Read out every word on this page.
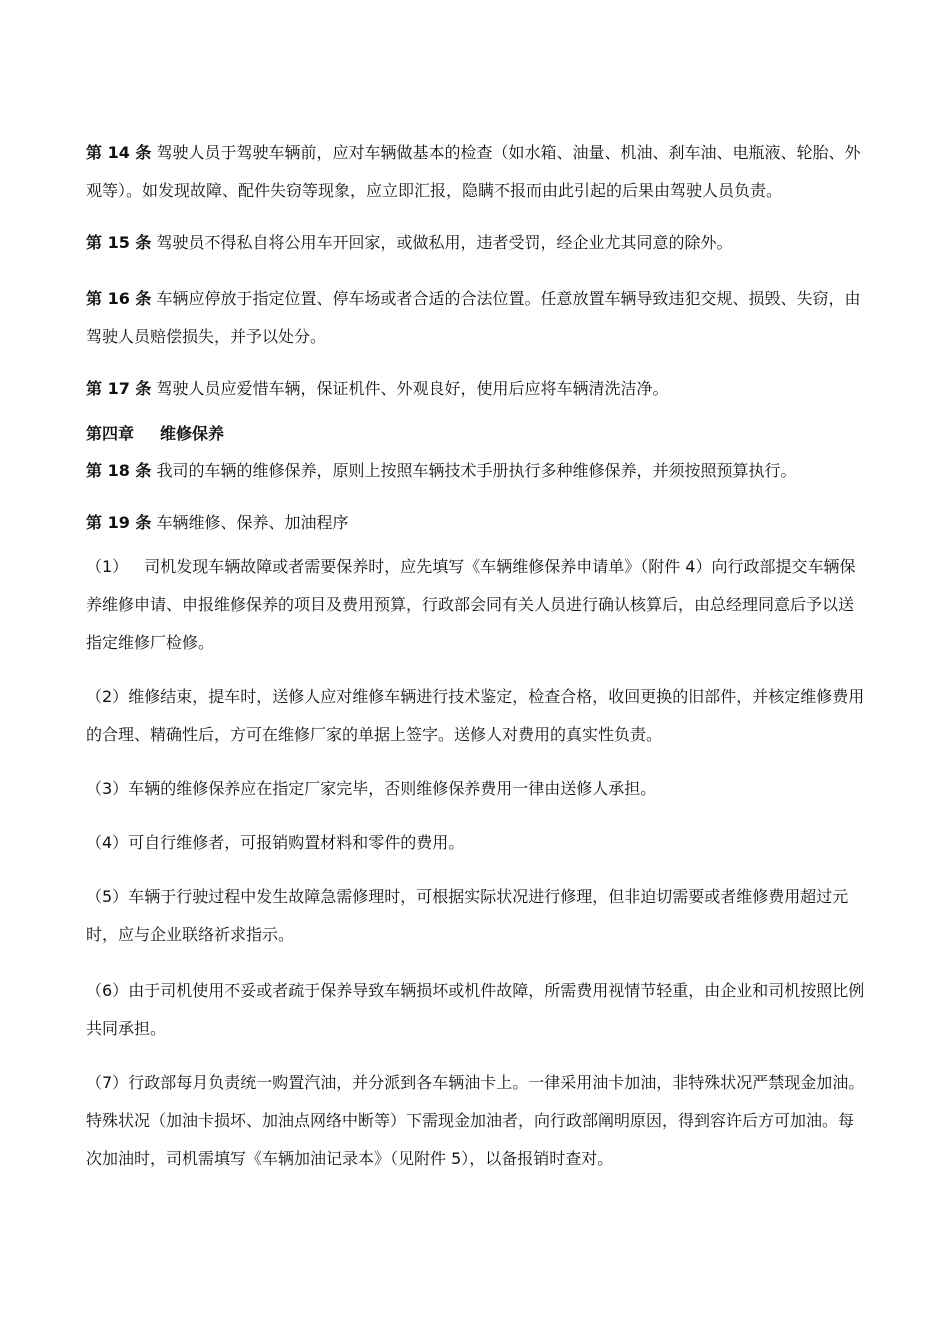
第 14 条 驾驶人员于驾驶车辆前，应对车辆做基本的检查（如水箱、油量、机油、刹车油、电瓶液、轮胎、外观等）。如发现故障、配件失窃等现象，应立即汇报，隐瞒不报而由此引起的后果由驾驶人员负责。

第 15 条 驾驶员不得私自将公用车开回家，或做私用，违者受罚，经企业尤其同意的除外。

第 16 条 车辆应停放于指定位置、停车场或者合适的合法位置。任意放置车辆导致违犯交规、损毁、失窃，由驾驶人员赔偿损失，并予以处分。

第 17 条 驾驶人员应爱惜车辆，保证机件、外观良好，使用后应将车辆清洗洁净。

第四章 维修保养

第 18 条 我司的车辆的维修保养，原则上按照车辆技术手册执行多种维修保养，并须按照预算执行。

第 19 条 车辆维修、保养、加油程序

（1） 司机发现车辆故障或者需要保养时，应先填写《车辆维修保养申请单》（附件 4）向行政部提交车辆保养维修申请、申报维修保养的项目及费用预算，行政部会同有关人员进行确认核算后，由总经理同意后予以送指定维修厂检修。

（2）维修结束，提车时，送修人应对维修车辆进行技术鉴定，检查合格，收回更换的旧部件，并核定维修费用的合理、精确性后，方可在维修厂家的单据上签字。送修人对费用的真实性负责。

（3）车辆的维修保养应在指定厂家完毕，否则维修保养费用一律由送修人承担。

（4）可自行维修者，可报销购置材料和零件的费用。

（5）车辆于行驶过程中发生故障急需修理时，可根据实际状况进行修理，但非迫切需要或者维修费用超过元时，应与企业联络祈求指示。

（6）由于司机使用不妥或者疏于保养导致车辆损坏或机件故障，所需费用视情节轻重，由企业和司机按照比例共同承担。

（7）行政部每月负责统一购置汽油，并分派到各车辆油卡上。一律采用油卡加油，非特殊状况严禁现金加油。特殊状况（加油卡损坏、加油点网络中断等）下需现金加油者，向行政部阐明原因，得到容许后方可加油。每次加油时，司机需填写《车辆加油记录本》（见附件 5），以备报销时查对。
